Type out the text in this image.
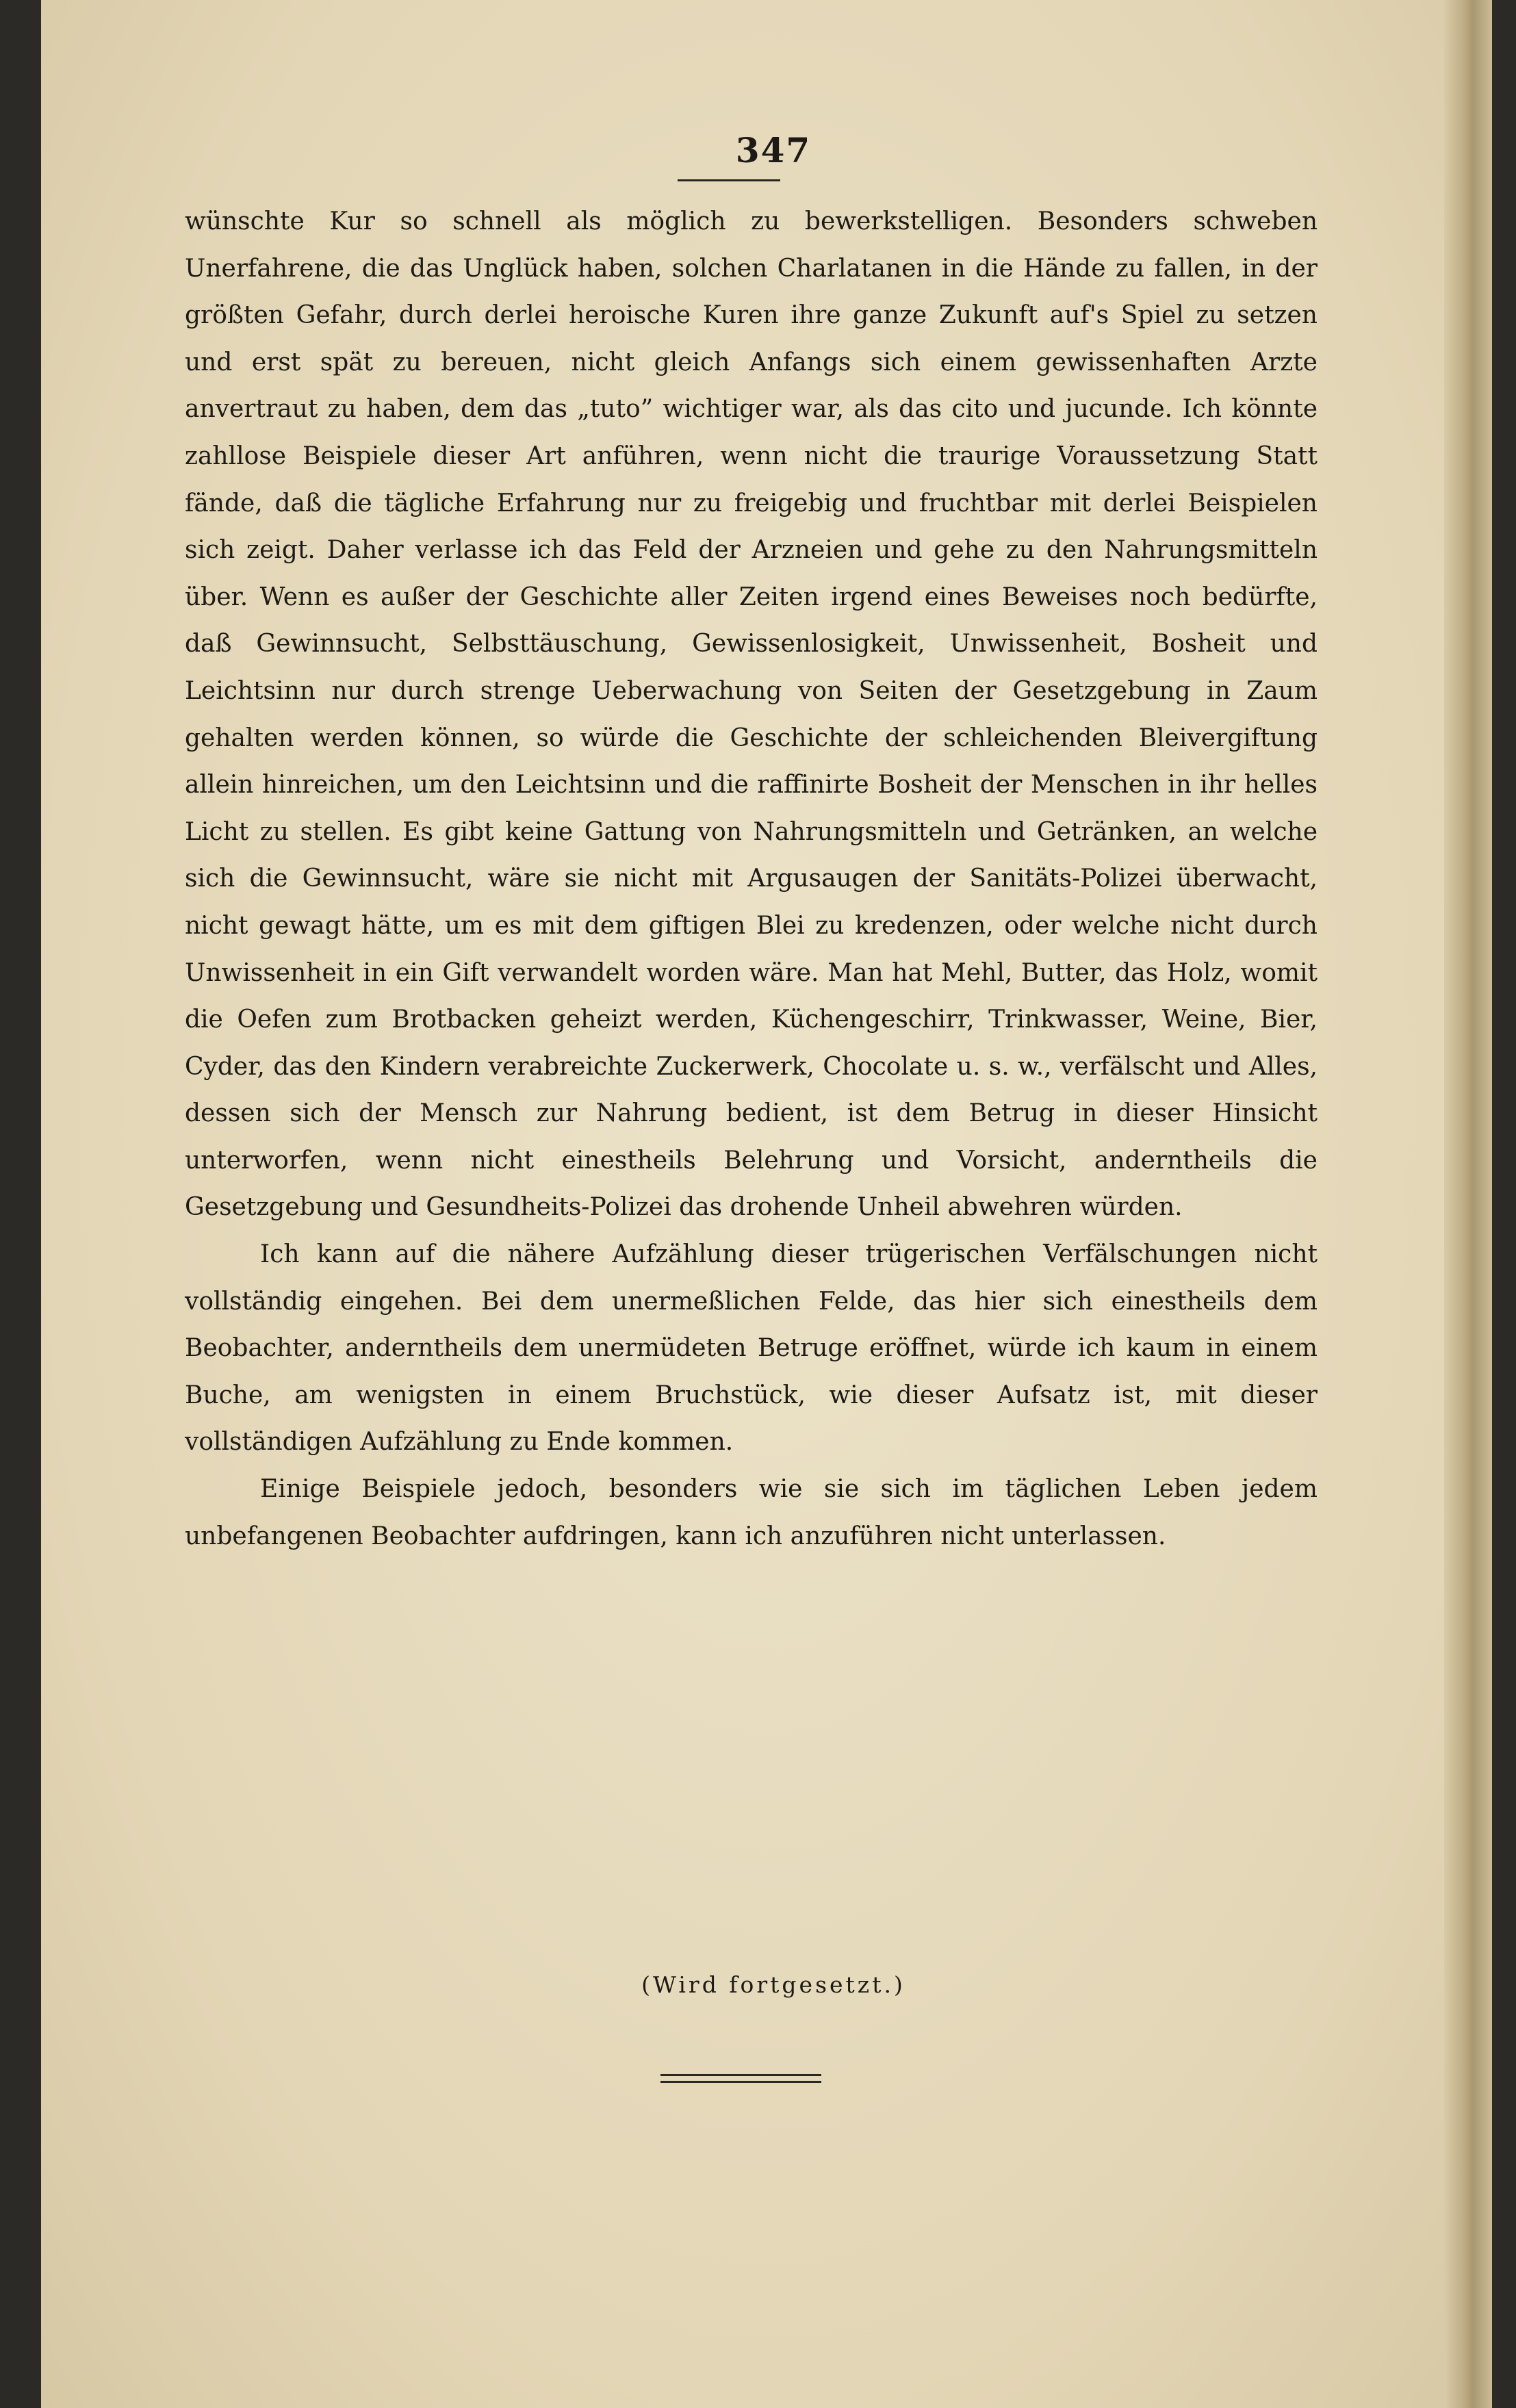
347

wünschte Kur so schnell als möglich zu bewerkstelligen. Besonders schweben Unerfahrene, die das Unglück haben, solchen Charlatanen in die Hände zu fallen, in der größten Gefahr, durch derlei heroische Kuren ihre ganze Zukunft auf's Spiel zu setzen und erst spät zu bereuen, nicht gleich Anfangs sich einem gewissenhaften Arzte anvertraut zu haben, dem das „tuto” wichtiger war, als das cito und jucunde. Ich könnte zahllose Beispiele dieser Art anführen, wenn nicht die traurige Voraussetzung Statt fände, daß die tägliche Erfahrung nur zu freigebig und fruchtbar mit derlei Beispielen sich zeigt. Daher verlasse ich das Feld der Arzneien und gehe zu den Nahrungsmitteln über. Wenn es außer der Geschichte aller Zeiten irgend eines Beweises noch bedürfte, daß Gewinnsucht, Selbsttäuschung, Gewissenlosigkeit, Unwissenheit, Bosheit und Leichtsinn nur durch strenge Ueberwachung von Seiten der Gesetzgebung in Zaum gehalten werden können, so würde die Geschichte der schleichenden Bleivergiftung allein hinreichen, um den Leichtsinn und die raffinirte Bosheit der Menschen in ihr helles Licht zu stellen. Es gibt keine Gattung von Nahrungsmitteln und Getränken, an welche sich die Gewinnsucht, wäre sie nicht mit Argusaugen der Sanitäts-Polizei überwacht, nicht gewagt hätte, um es mit dem giftigen Blei zu kredenzen, oder welche nicht durch Unwissenheit in ein Gift verwandelt worden wäre. Man hat Mehl, Butter, das Holz, womit die Oefen zum Brotbacken geheizt werden, Küchengeschirr, Trinkwasser, Weine, Bier, Cyder, das den Kindern verabreichte Zuckerwerk, Chocolate u. s. w., verfälscht und Alles, dessen sich der Mensch zur Nahrung bedient, ist dem Betrug in dieser Hinsicht unterworfen, wenn nicht einestheils Belehrung und Vorsicht, anderntheils die Gesetzgebung und Gesundheits-Polizei das drohende Unheil abwehren würden.

Ich kann auf die nähere Aufzählung dieser trügerischen Verfälschungen nicht vollständig eingehen. Bei dem unermeßlichen Felde, das hier sich einestheils dem Beobachter, anderntheils dem unermüdeten Betruge eröffnet, würde ich kaum in einem Buche, am wenigsten in einem Bruchstück, wie dieser Aufsatz ist, mit dieser vollständigen Aufzählung zu Ende kommen.

Einige Beispiele jedoch, besonders wie sie sich im täglichen Leben jedem unbefangenen Beobachter aufdringen, kann ich anzuführen nicht unterlassen.

(Wird fortgesetzt.)
